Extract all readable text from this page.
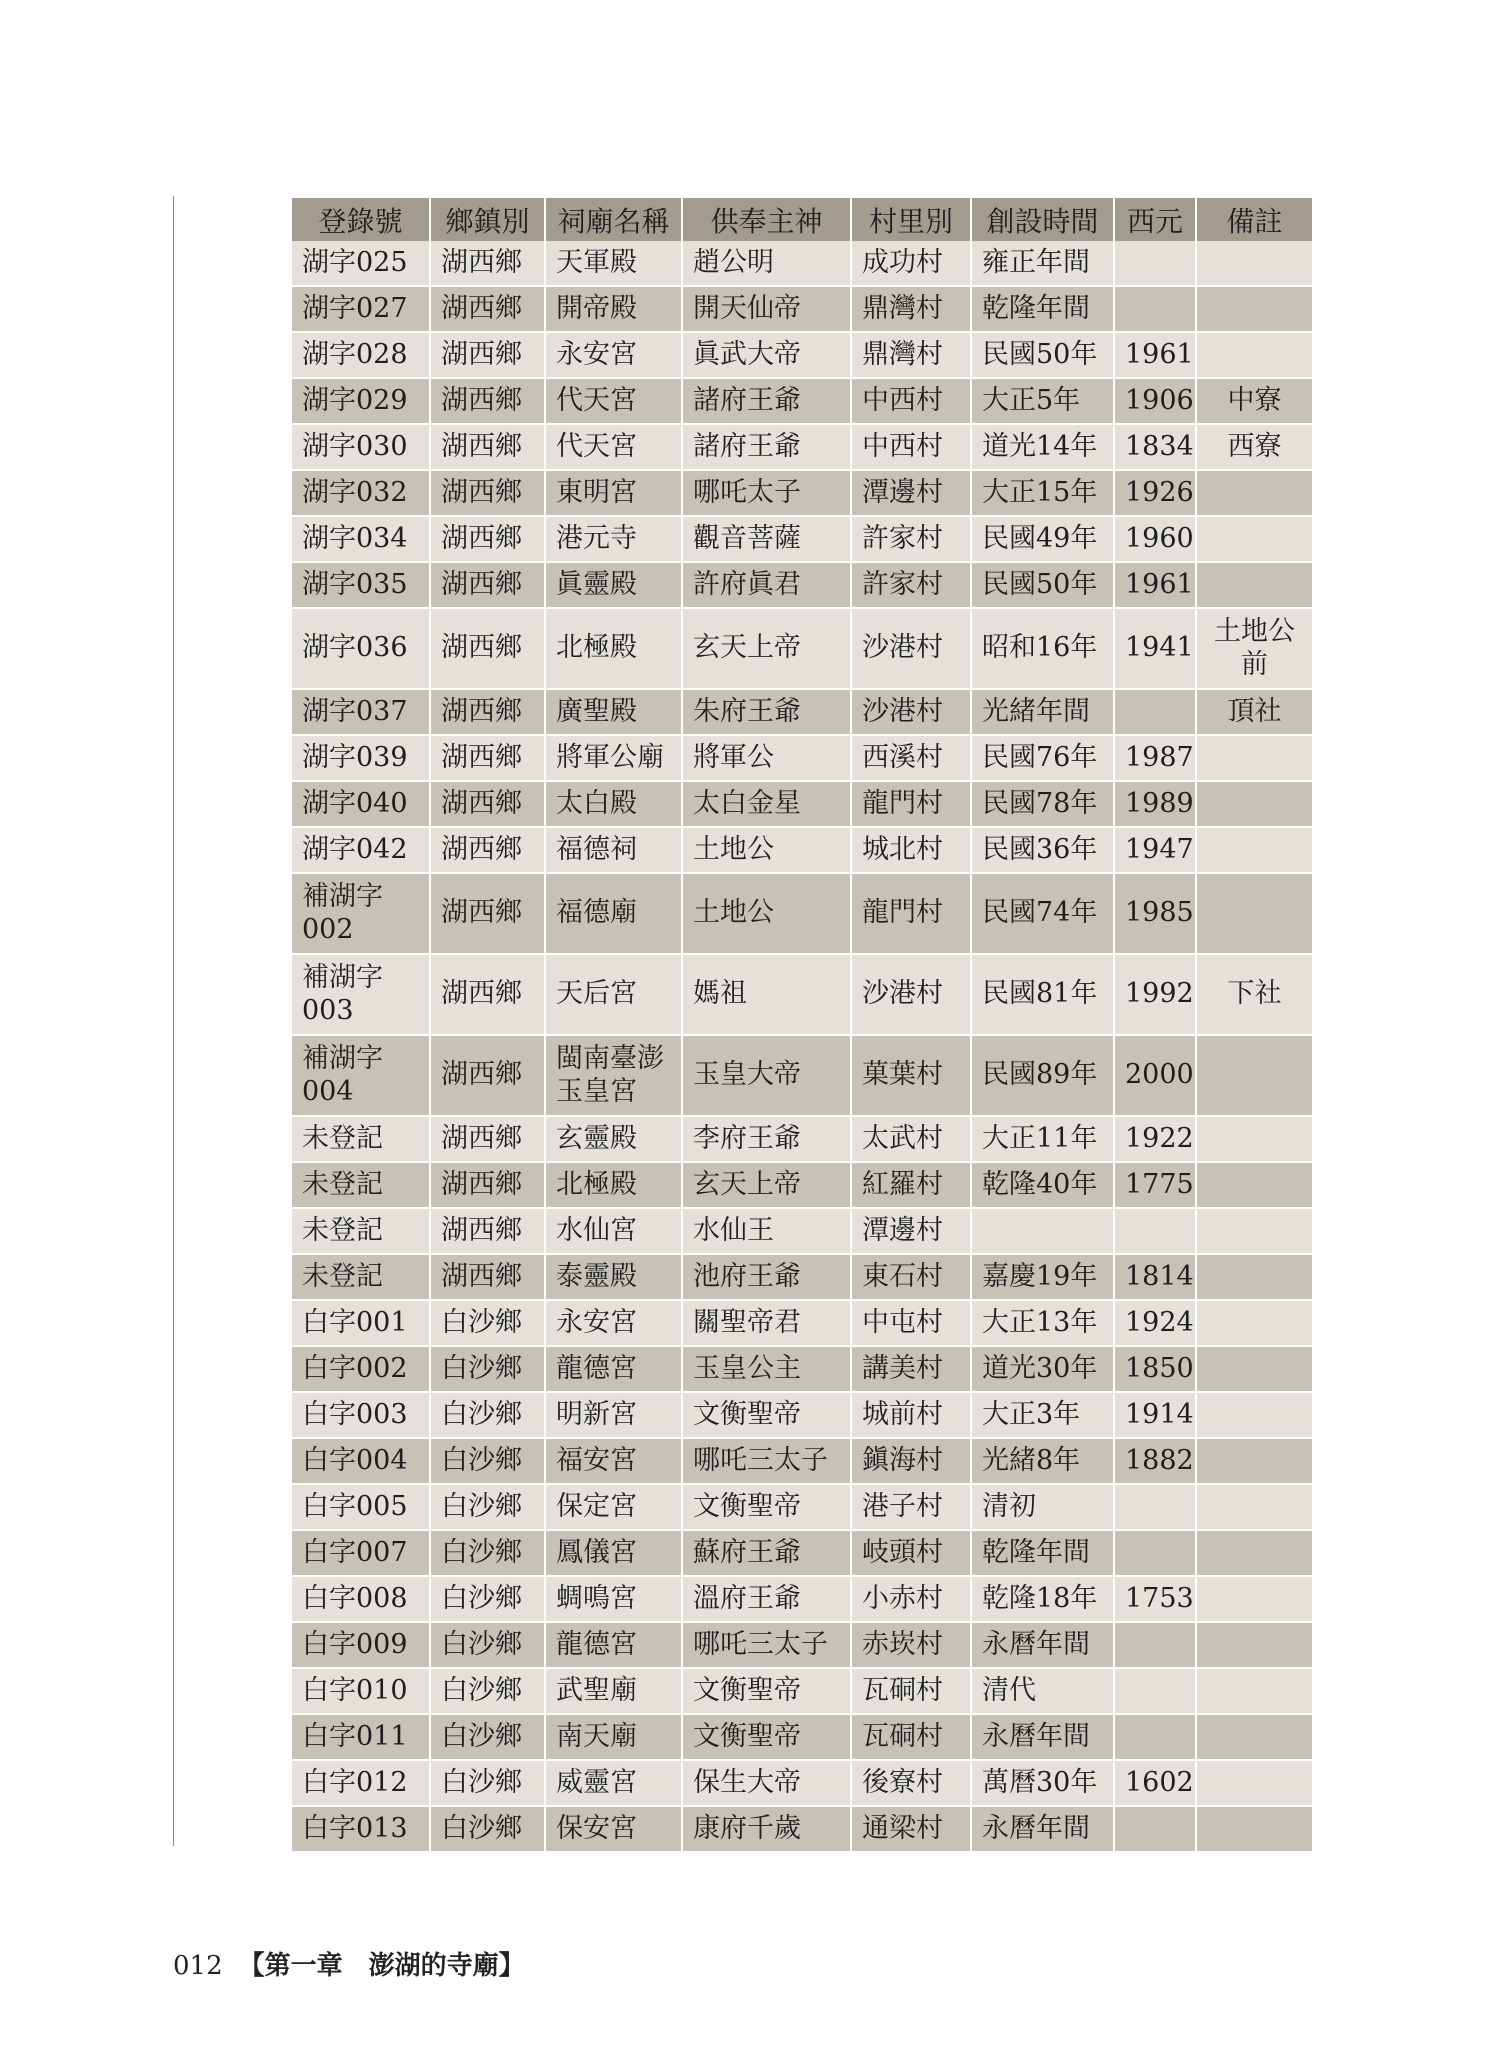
登錄號	鄉鎮別	祠廟名稱	供奉主神	村里別	創設時間	西元	備註
湖字025	湖西鄉	天軍殿	趙公明	成功村	雍正年間		
湖字027	湖西鄉	開帝殿	開天仙帝	鼎灣村	乾隆年間		
湖字028	湖西鄉	永安宮	眞武大帝	鼎灣村	民國50年	1961	
湖字029	湖西鄉	代天宮	諸府王爺	中西村	大正5年	1906	中寮
湖字030	湖西鄉	代天宮	諸府王爺	中西村	道光14年	1834	西寮
湖字032	湖西鄉	東明宮	哪吒太子	潭邊村	大正15年	1926	
湖字034	湖西鄉	港元寺	觀音菩薩	許家村	民國49年	1960	
湖字035	湖西鄉	眞靈殿	許府眞君	許家村	民國50年	1961	
湖字036	湖西鄉	北極殿	玄天上帝	沙港村	昭和16年	1941	土地公前
湖字037	湖西鄉	廣聖殿	朱府王爺	沙港村	光緒年間		頂社
湖字039	湖西鄉	將軍公廟	將軍公	西溪村	民國76年	1987	
湖字040	湖西鄉	太白殿	太白金星	龍門村	民國78年	1989	
湖字042	湖西鄉	福德祠	土地公	城北村	民國36年	1947	
補湖字002	湖西鄉	福德廟	土地公	龍門村	民國74年	1985	
補湖字003	湖西鄉	天后宮	媽祖	沙港村	民國81年	1992	下社
補湖字004	湖西鄉	閩南臺澎玉皇宮	玉皇大帝	菓葉村	民國89年	2000	
未登記	湖西鄉	玄靈殿	李府王爺	太武村	大正11年	1922	
未登記	湖西鄉	北極殿	玄天上帝	紅羅村	乾隆40年	1775	
未登記	湖西鄉	水仙宮	水仙王	潭邊村			
未登記	湖西鄉	泰靈殿	池府王爺	東石村	嘉慶19年	1814	
白字001	白沙鄉	永安宮	關聖帝君	中屯村	大正13年	1924	
白字002	白沙鄉	龍德宮	玉皇公主	講美村	道光30年	1850	
白字003	白沙鄉	明新宮	文衡聖帝	城前村	大正3年	1914	
白字004	白沙鄉	福安宮	哪吒三太子	鎭海村	光緒8年	1882	
白字005	白沙鄉	保定宮	文衡聖帝	港子村	清初		
白字007	白沙鄉	鳳儀宮	蘇府王爺	岐頭村	乾隆年間		
白字008	白沙鄉	蜩鳴宮	溫府王爺	小赤村	乾隆18年	1753	
白字009	白沙鄉	龍德宮	哪吒三太子	赤崁村	永曆年間		
白字010	白沙鄉	武聖廟	文衡聖帝	瓦硐村	清代		
白字011	白沙鄉	南天廟	文衡聖帝	瓦硐村	永曆年間		
白字012	白沙鄉	威靈宮	保生大帝	後寮村	萬曆30年	1602	
白字013	白沙鄉	保安宮	康府千歲	通梁村	永曆年間		
012 【第一章　澎湖的寺廟】
